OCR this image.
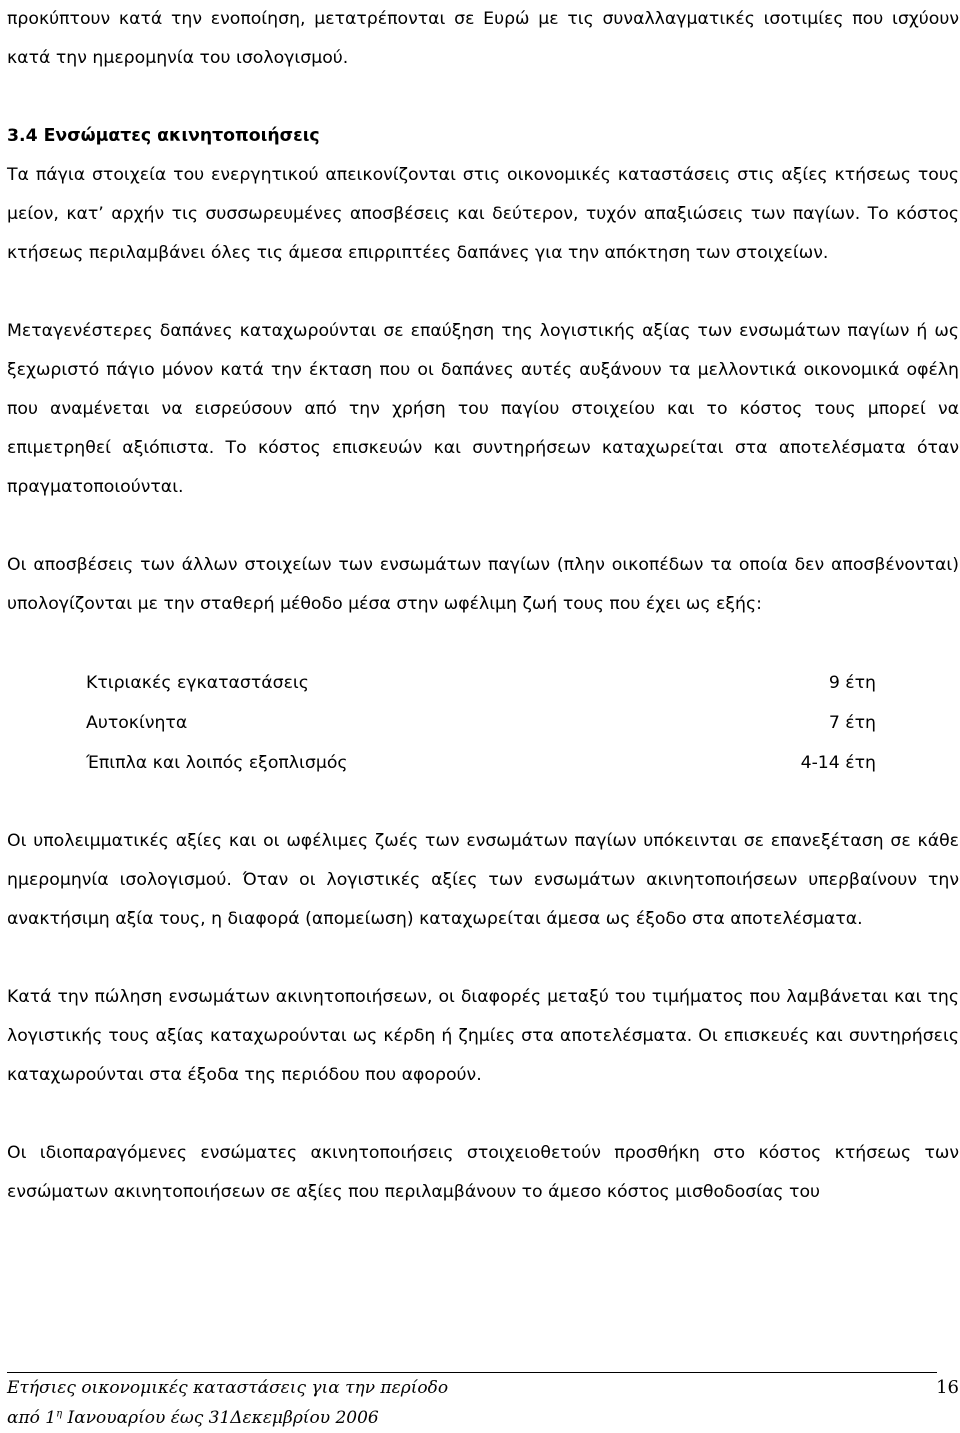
προκύπτουν κατά την ενοποίηση, μετατρέπονται σε Ευρώ με τις συναλλαγματικές ισοτιμίες που ισχύουν κατά την ημερομηνία του ισολογισμού.

3.4 Ενσώματες ακινητοποιήσεις

Τα πάγια στοιχεία του ενεργητικού απεικονίζονται στις οικονομικές καταστάσεις στις αξίες κτήσεως τους μείον, κατ’ αρχήν τις συσσωρευμένες αποσβέσεις και δεύτερον, τυχόν απαξιώσεις των παγίων. Το κόστος κτήσεως περιλαμβάνει όλες τις άμεσα επιρριπτέες δαπάνες για την απόκτηση των στοιχείων.

Μεταγενέστερες δαπάνες καταχωρούνται σε επαύξηση της λογιστικής αξίας των ενσωμάτων παγίων ή ως ξεχωριστό πάγιο μόνον κατά την έκταση που οι δαπάνες αυτές αυξάνουν τα μελλοντικά οικονομικά οφέλη που αναμένεται να εισρεύσουν από την χρήση του παγίου στοιχείου και το κόστος τους μπορεί να επιμετρηθεί αξιόπιστα. Το κόστος επισκευών και συντηρήσεων καταχωρείται στα αποτελέσματα όταν πραγματοποιούνται.

Οι αποσβέσεις των άλλων στοιχείων των ενσωμάτων παγίων (πλην οικοπέδων τα οποία δεν αποσβένονται) υπολογίζονται με την σταθερή μέθοδο μέσα στην ωφέλιμη ζωή τους που έχει ως εξής:

Κτιριακές εγκαταστάσεις	9 έτη
Αυτοκίνητα	7 έτη
Έπιπλα και λοιπός εξοπλισμός	4-14 έτη

Οι υπολειμματικές αξίες και οι ωφέλιμες ζωές των ενσωμάτων παγίων υπόκεινται σε επανεξέταση σε κάθε ημερομηνία ισολογισμού. Όταν οι λογιστικές αξίες των ενσωμάτων ακινητοποιήσεων υπερβαίνουν την ανακτήσιμη αξία τους, η διαφορά (απομείωση) καταχωρείται άμεσα ως έξοδο στα αποτελέσματα.

Κατά την πώληση ενσωμάτων ακινητοποιήσεων, οι διαφορές μεταξύ του τιμήματος που λαμβάνεται και της λογιστικής τους αξίας καταχωρούνται ως κέρδη ή ζημίες στα αποτελέσματα. Οι επισκευές και συντηρήσεις καταχωρούνται στα έξοδα της περιόδου που αφορούν.

Οι ιδιοπαραγόμενες ενσώματες ακινητοποιήσεις στοιχειοθετούν προσθήκη στο κόστος κτήσεως των ενσώματων ακινητοποιήσεων σε αξίες που περιλαμβάνουν το άμεσο κόστος μισθοδοσίας του

Ετήσιες οικονομικές καταστάσεις για την περίοδο	16
από $1^\eta$ Ιανουαρίου έως 31Δεκεμβρίου 2006
